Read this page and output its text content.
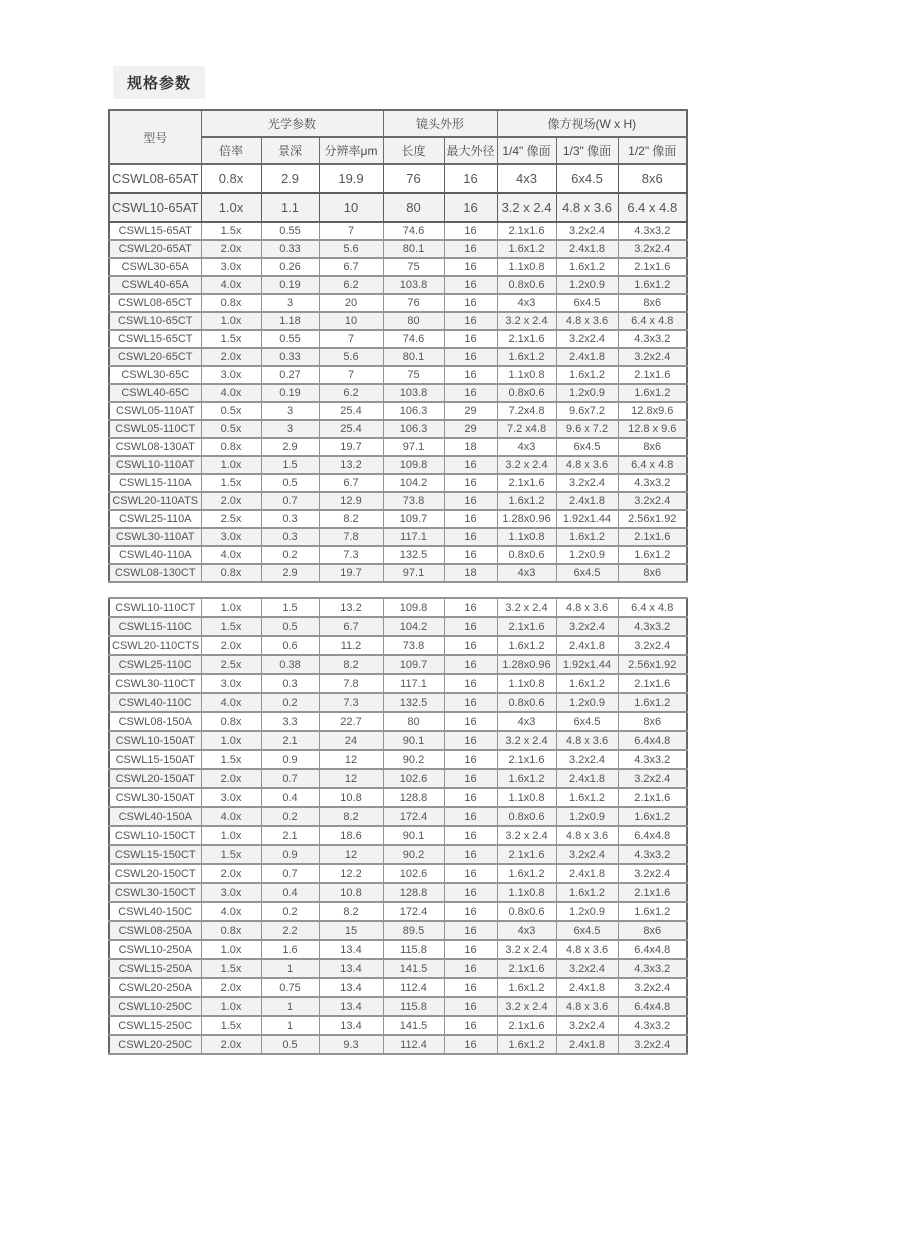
规格参数
型号	光学参数			镜头外形		像方视场(W x H)		
	倍率	景深	分辨率μm	长度	最大外径	1/4" 像面	1/3" 像面	1/2" 像面
CSWL08-65AT	0.8x	2.9	19.9	76	16	4x3	6x4.5	8x6
CSWL10-65AT	1.0x	1.1	10	80	16	3.2 x 2.4	4.8 x 3.6	6.4 x 4.8
CSWL15-65AT	1.5x	0.55	7	74.6	16	2.1x1.6	3.2x2.4	4.3x3.2
CSWL20-65AT	2.0x	0.33	5.6	80.1	16	1.6x1.2	2.4x1.8	3.2x2.4
CSWL30-65A	3.0x	0.26	6.7	75	16	1.1x0.8	1.6x1.2	2.1x1.6
CSWL40-65A	4.0x	0.19	6.2	103.8	16	0.8x0.6	1.2x0.9	1.6x1.2
CSWL08-65CT	0.8x	3	20	76	16	4x3	6x4.5	8x6
CSWL10-65CT	1.0x	1.18	10	80	16	3.2 x 2.4	4.8 x 3.6	6.4 x 4.8
CSWL15-65CT	1.5x	0.55	7	74.6	16	2.1x1.6	3.2x2.4	4.3x3.2
CSWL20-65CT	2.0x	0.33	5.6	80.1	16	1.6x1.2	2.4x1.8	3.2x2.4
CSWL30-65C	3.0x	0.27	7	75	16	1.1x0.8	1.6x1.2	2.1x1.6
CSWL40-65C	4.0x	0.19	6.2	103.8	16	0.8x0.6	1.2x0.9	1.6x1.2
CSWL05-110AT	0.5x	3	25.4	106.3	29	7.2x4.8	9.6x7.2	12.8x9.6
CSWL05-110CT	0.5x	3	25.4	106.3	29	7.2 x4.8	9.6 x 7.2	12.8 x 9.6
CSWL08-130AT	0.8x	2.9	19.7	97.1	18	4x3	6x4.5	8x6
CSWL10-110AT	1.0x	1.5	13.2	109.8	16	3.2 x 2.4	4.8 x 3.6	6.4 x 4.8
CSWL15-110A	1.5x	0.5	6.7	104.2	16	2.1x1.6	3.2x2.4	4.3x3.2
CSWL20-110ATS	2.0x	0.7	12.9	73.8	16	1.6x1.2	2.4x1.8	3.2x2.4
CSWL25-110A	2.5x	0.3	8.2	109.7	16	1.28x0.96	1.92x1.44	2.56x1.92
CSWL30-110AT	3.0x	0.3	7.8	117.1	16	1.1x0.8	1.6x1.2	2.1x1.6
CSWL40-110A	4.0x	0.2	7.3	132.5	16	0.8x0.6	1.2x0.9	1.6x1.2
CSWL08-130CT	0.8x	2.9	19.7	97.1	18	4x3	6x4.5	8x6
CSWL10-110CT	1.0x	1.5	13.2	109.8	16	3.2 x 2.4	4.8 x 3.6	6.4 x 4.8
CSWL15-110C	1.5x	0.5	6.7	104.2	16	2.1x1.6	3.2x2.4	4.3x3.2
CSWL20-110CTS	2.0x	0.6	11.2	73.8	16	1.6x1.2	2.4x1.8	3.2x2.4
CSWL25-110C	2.5x	0.38	8.2	109.7	16	1.28x0.96	1.92x1.44	2.56x1.92
CSWL30-110CT	3.0x	0.3	7.8	117.1	16	1.1x0.8	1.6x1.2	2.1x1.6
CSWL40-110C	4.0x	0.2	7.3	132.5	16	0.8x0.6	1.2x0.9	1.6x1.2
CSWL08-150A	0.8x	3.3	22.7	80	16	4x3	6x4.5	8x6
CSWL10-150AT	1.0x	2.1	24	90.1	16	3.2 x 2.4	4.8 x 3.6	6.4x4.8
CSWL15-150AT	1.5x	0.9	12	90.2	16	2.1x1.6	3.2x2.4	4.3x3.2
CSWL20-150AT	2.0x	0.7	12	102.6	16	1.6x1.2	2.4x1.8	3.2x2.4
CSWL30-150AT	3.0x	0.4	10.8	128.8	16	1.1x0.8	1.6x1.2	2.1x1.6
CSWL40-150A	4.0x	0.2	8.2	172.4	16	0.8x0.6	1.2x0.9	1.6x1.2
CSWL10-150CT	1.0x	2.1	18.6	90.1	16	3.2 x 2.4	4.8 x 3.6	6.4x4.8
CSWL15-150CT	1.5x	0.9	12	90.2	16	2.1x1.6	3.2x2.4	4.3x3.2
CSWL20-150CT	2.0x	0.7	12.2	102.6	16	1.6x1.2	2.4x1.8	3.2x2.4
CSWL30-150CT	3.0x	0.4	10.8	128.8	16	1.1x0.8	1.6x1.2	2.1x1.6
CSWL40-150C	4.0x	0.2	8.2	172.4	16	0.8x0.6	1.2x0.9	1.6x1.2
CSWL08-250A	0.8x	2.2	15	89.5	16	4x3	6x4.5	8x6
CSWL10-250A	1.0x	1.6	13.4	115.8	16	3.2 x 2.4	4.8 x 3.6	6.4x4.8
CSWL15-250A	1.5x	1	13.4	141.5	16	2.1x1.6	3.2x2.4	4.3x3.2
CSWL20-250A	2.0x	0.75	13.4	112.4	16	1.6x1.2	2.4x1.8	3.2x2.4
CSWL10-250C	1.0x	1	13.4	115.8	16	3.2 x 2.4	4.8 x 3.6	6.4x4.8
CSWL15-250C	1.5x	1	13.4	141.5	16	2.1x1.6	3.2x2.4	4.3x3.2
CSWL20-250C	2.0x	0.5	9.3	112.4	16	1.6x1.2	2.4x1.8	3.2x2.4
